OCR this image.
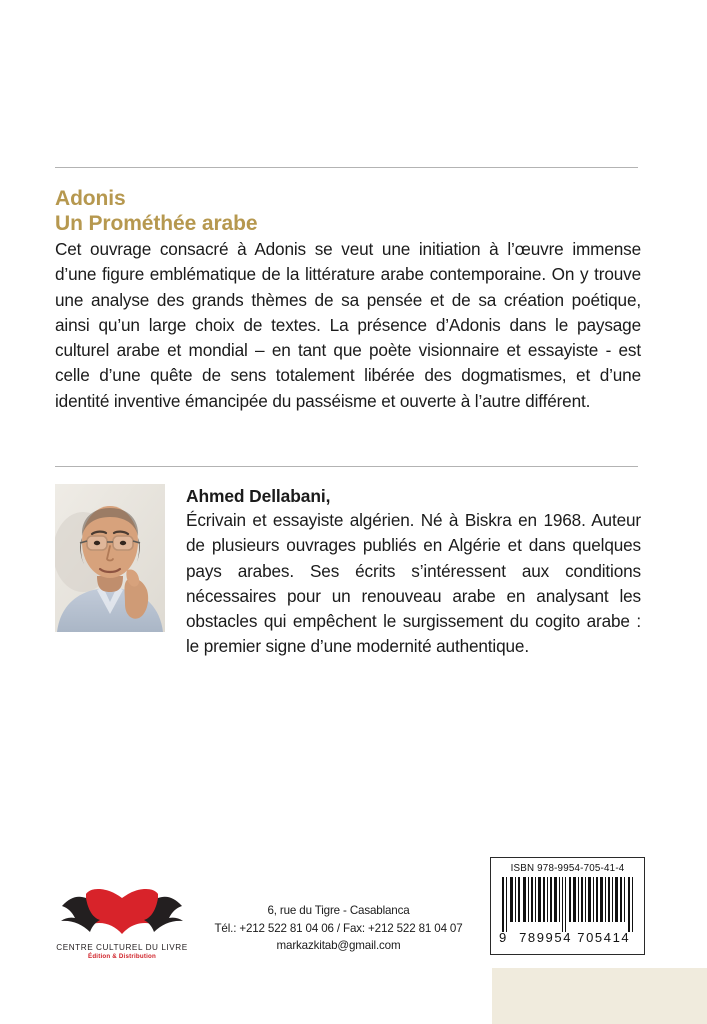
Adonis
Un Prométhée arabe
Cet ouvrage consacré à Adonis se veut une initiation à l’œuvre immense d’une figure emblématique de la littérature arabe contemporaine. On y trouve une analyse des grands thèmes de sa pensée et de sa création poétique, ainsi qu’un large choix de textes. La présence d’Adonis dans le paysage culturel arabe et mondial – en tant que poète visionnaire et essayiste - est celle d’une quête de sens totalement libérée des dogmatismes, et d’une identité inventive émancipée du passéisme et ouverte à l’autre différent.
Ahmed Dellabani,
Écrivain et essayiste algérien. Né à Biskra en 1968. Auteur de plusieurs ouvrages publiés en Algérie et dans quelques pays arabes. Ses écrits s’intéressent aux conditions nécessaires pour un renouveau arabe en analysant les obstacles qui empêchent le surgissement du cogito arabe : le premier signe d’une modernité authentique.
CENTRE CULTUREL DU LIVRE
Édition & Distribution
6, rue du Tigre - Casablanca
Tél.: +212 522 81 04 06 / Fax: +212 522 81 04 07
markazkitab@gmail.com
ISBN 978-9954-705-41-4
9 789954 705414
